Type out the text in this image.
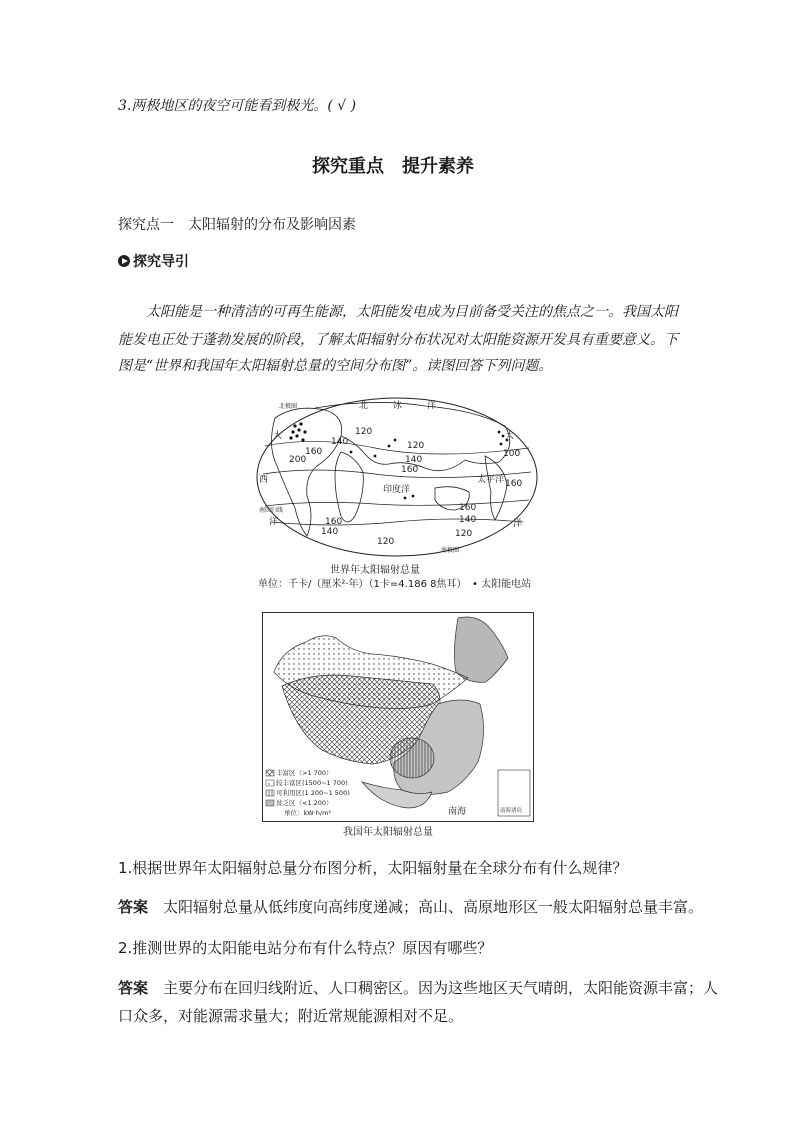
3.两极地区的夜空可能看到极光。( √ )
探究重点　提升素养
探究点一　太阳辐射的分布及影响因素
探究导引
太阳能是一种清洁的可再生能源，太阳能发电成为目前备受关注的焦点之一。我国太阳
能发电正处于蓬勃发展的阶段，了解太阳辐射分布状况对太阳能资源开发具有重要意义。下
图是“世界和我国年太阳辐射总量的空间分布图”。读图回答下列问题。
北	冰	洋
大	大
西	太平洋
印度洋
洋	洋
南极圈
南回归线
北极圈
120
140
160
200
120
140
160
160
140
120
100
160
160
140
120
世界年太阳辐射总量
单位：千卡/（厘米²·年）（1卡=4.186 8焦耳） • 太阳能电站
丰富区（>1 700）
较丰富区(1500~1 700)
可利用区(1 200~1 500)
贫乏区（<1 200）
单位：kW·h/m²	南海	南海诸岛
我国年太阳辐射总量
1.根据世界年太阳辐射总量分布图分析，太阳辐射量在全球分布有什么规律？
答案　 太阳辐射总量从低纬度向高纬度递减；高山、高原地形区一般太阳辐射总量丰富。
2.推测世界的太阳能电站分布有什么特点？原因有哪些？
答案　 主要分布在回归线附近、人口稠密区。因为这些地区天气晴朗，太阳能资源丰富；人
口众多，对能源需求量大；附近常规能源相对不足。
